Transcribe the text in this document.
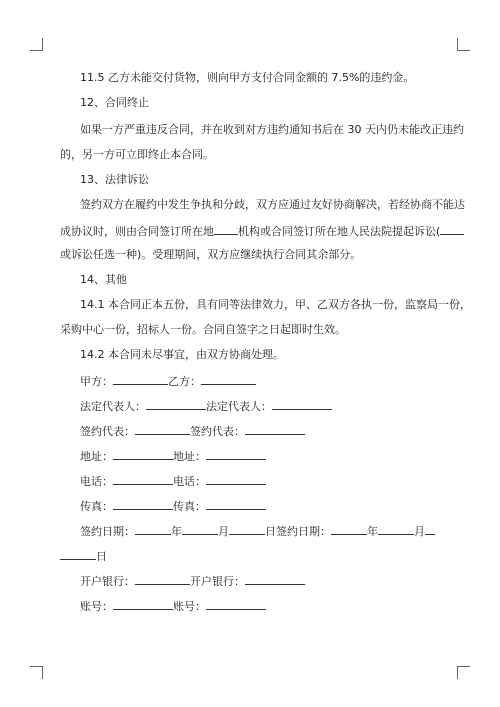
11.5 乙方未能交付货物，则向甲方支付合同金额的 7.5%的违约金。
12、合同终止
如果一方严重违反合同，并在收到对方违约通知书后在 30 天内仍未能改正违约
的，另一方可立即终止本合同。
13、法律诉讼
签约双方在履约中发生争执和分歧，双方应通过友好协商解决，若经协商不能达
成协议时，则由合同签订所在地 机构或合同签订所在地人民法院提起诉讼(
或诉讼任选一种)。受理期间，双方应继续执行合同其余部分。
14、其他
14.1 本合同正本五份，具有同等法律效力，甲、乙双方各执一份，监察局一份，
采购中心一份，招标人一份。合同自签字之日起即时生效。
14.2 本合同未尽事宜，由双方协商处理。
甲方：	乙方：
法定代表人：	法定代表人：
签约代表：	签约代表：
地址：	地址：
电话：	电话：
传真：	传真：
签约日期：	年	月	日签约日期：	年	月
日
开户银行：	开户银行：
账号：	账号：
